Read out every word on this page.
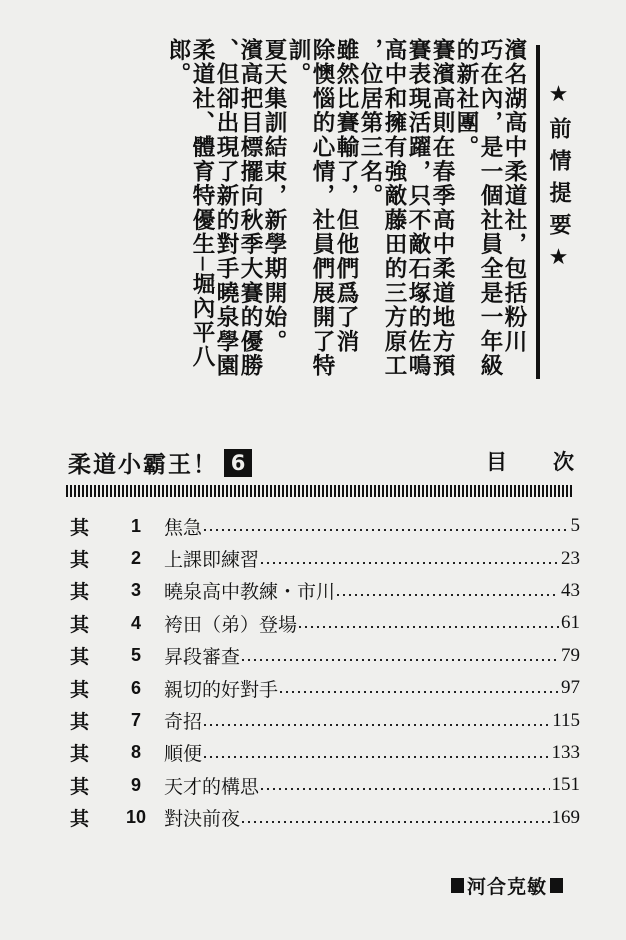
★前情提要★
濱名湖高中柔道社，包括粉川
巧在內，是一個社員全是一年級
的新社團。
賽濱高則在春季高中柔道地方預
賽表現活躍，只不敵石塚的佐鳴
高中和擁有強敵藤田的三方原工
，位居第三名。
雖然比賽輸了，但他們爲了消
除懊惱的心情，社員們展開了特
訓。
夏天集訓結束，新學期開始。
濱高把目標擺向秋季大賽的優勝
、但卻出現了新的對手曉泉學園
柔道社、體育特優生─堀內平八
郎。
柔道小霸王！ 6	目次
其	1	焦急	5
其	2	上課即練習	23
其	3	曉泉高中教練・市川	43
其	4	袴田（弟）登場	61
其	5	昇段審查	79
其	6	親切的好對手	97
其	7	奇招	115
其	8	順便	133
其	9	天才的構思	151
其	10 對決前夜	169
河合克敏
